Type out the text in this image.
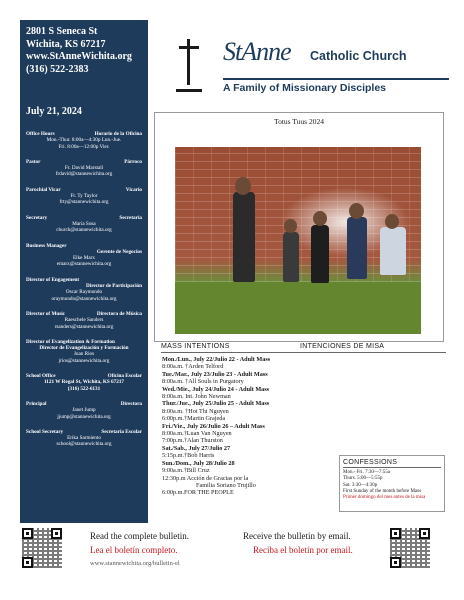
2801 S Seneca St
Wichita, KS 67217
www.StAnneWichita.org
(316) 522-2383
July 21, 2024
Office Hours	Horario de la Oficina
Mon.-Thur. 8:00a—4:30p Lun.-Jue.
Fri. 8:00a—12:00p Vier.
Pastor	Párroco
Fr. David Marstall
frdavid@stannewichita.org
Parochial Vicar	Vicario
Fr. Ty Taylor
frty@stannewichita.org
Secretary	Secretaria
Maria Sosa
church@stannewichita.org
Business Manager
Gerente de Negocios
Elke Marx
emarx@stannewichita.org
Director of Engagement
Director de Participación
Oscar Raymundo
oraymundo@stannewichita.org
Director of Music	Directora de Música
Raeschele Sanders
rsanders@stannewichita.org
Director of Evangelization & Formation
Director de Evangelización y Formación
Juan Rios
jrios@stannewichita.org
School Office	Oficina Escolar
1121 W Regal St, Wichita, KS 67217
(316) 522-6131
Principal	Directora
Janet Jump
jjump@stannewichita.org
School Secretary	Secretaria Escolar
Erika Sarmiento
school@stannewichita.org
StAnne Catholic Church
A Family of Missionary Disciples
Totus Tuus 2024
MASS INTENTIONS	INTENCIONES DE MISA
Mon./Lun., July 22/Julio 22 - Adult Mass
8:00a.m. †Arden Telford
Tue./Mar., July 23/Julio 23 - Adult Mass
8:00a.m. †All Souls in Purgatory
Wed./Mie., July 24/Julio 24 - Adult Mass
8:00a.m. Int. John Newman
Thur./Jue., July 25/Julio 25 - Adult Mass
8:00a.m. †Hot Thi Nguyen
6:00p.m.†Martin Grajeda
Fri./Vie., July 26/Julio 26 – Adult Mass
8:00a.m.†Luan Van Nguyen
7:00p.m.†Alan Thurston
Sat./Sab., July 27/Julio 27
5:15p.m.†Bob Harris
Sun./Dom., July 28/Julio 28
9:00a.m.†Bill Cruz
12:30p.m Acción de Gracias por la
Familia Soriano Trujillo
6:00p.m.FOR THE PEOPLE
CONFESSIONS
Mon.- Fri. 7:30—7:55a
Thurs. 5:00—5:55p
Sat. 3:30—4:30p
First Sunday of the month before Mass
Primer domingo del mes antes de la misa
Read the complete bulletin.
Lea el boletín completo.
www.stannewichita.org/bulletin-el
Receive the bulletin by email.
Reciba el boletín por email.
